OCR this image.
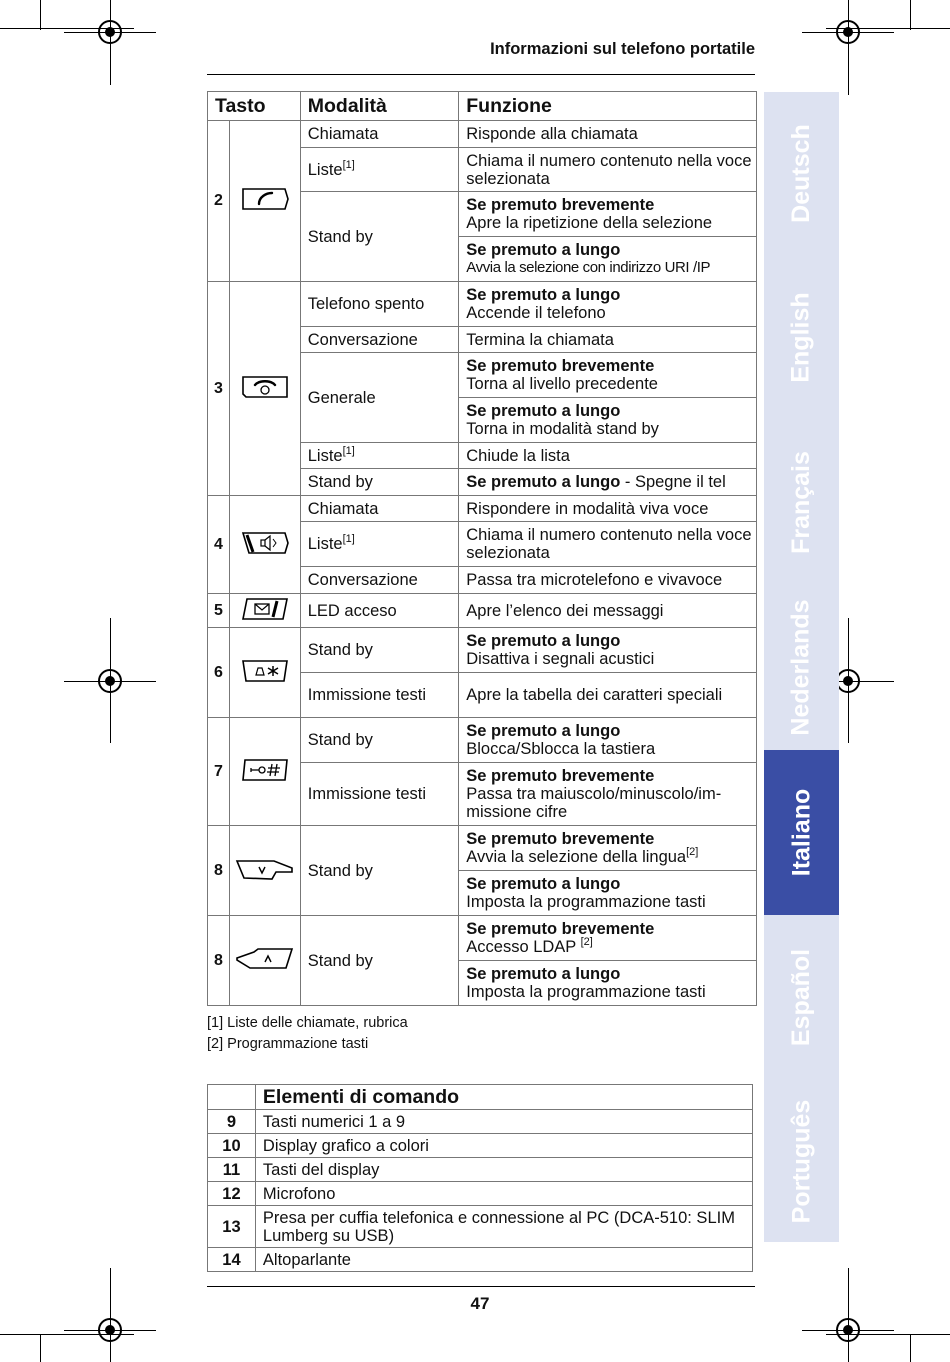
Informazioni sul telefono portatile
Deutsch
English
Français
Nederlands
Italiano
Español
Português
Tasto		Modalità	Funzione
2		Chiamata	Risponde alla chiamata
		Liste[1]	Chiama il numero contenuto nella voce selezionata
		Stand by	Se premuto brevemente
Apre la ripetizione della selezione

			Se premuto a lungo
Avvia la selezione con indirizzo URI /IP

3		Telefono spento	Se premuto a lungo
Accende il telefono

		Conversazione	Termina la chiamata
		Generale	Se premuto brevemente
Torna al livello precedente

			Se premuto a lungo
Torna in modalità stand by

		Liste[1]	Chiude la lista
		Stand by	Se premuto a lungo - Spegne il tel
4		Chiamata	Rispondere in modalità viva voce
		Liste[1]	Chiama il numero contenuto nella voce selezionata
		Conversazione	Passa tra microtelefono e vivavoce
5		LED acceso	Apre l’elenco dei messaggi
6		Stand by	Se premuto a lungo
Disattiva i segnali acustici

		Immissione testi	Apre la tabella dei caratteri speciali
7		Stand by	Se premuto a lungo
Blocca/Sblocca la tastiera

		Immissione testi	Se premuto brevemente
Passa tra maiuscolo/minuscolo/im-missione cifre

8		Stand by	Se premuto brevemente
Avvia la selezione della lingua[2]

			Se premuto a lungo
Imposta la programmazione tasti

8		Stand by	Se premuto brevemente
Accesso LDAP [2]

			Se premuto a lungo
Imposta la programmazione tasti
[1] Liste delle chiamate, rubrica
[2] Programmazione tasti
	Elementi di comando
9	Tasti numerici 1 a 9
10	Display grafico a colori
11	Tasti del display
12	Microfono
13	Presa per cuffia telefonica e connessione al PC (DCA-510: SLIM Lumberg su USB)
14	Altoparlante
47
